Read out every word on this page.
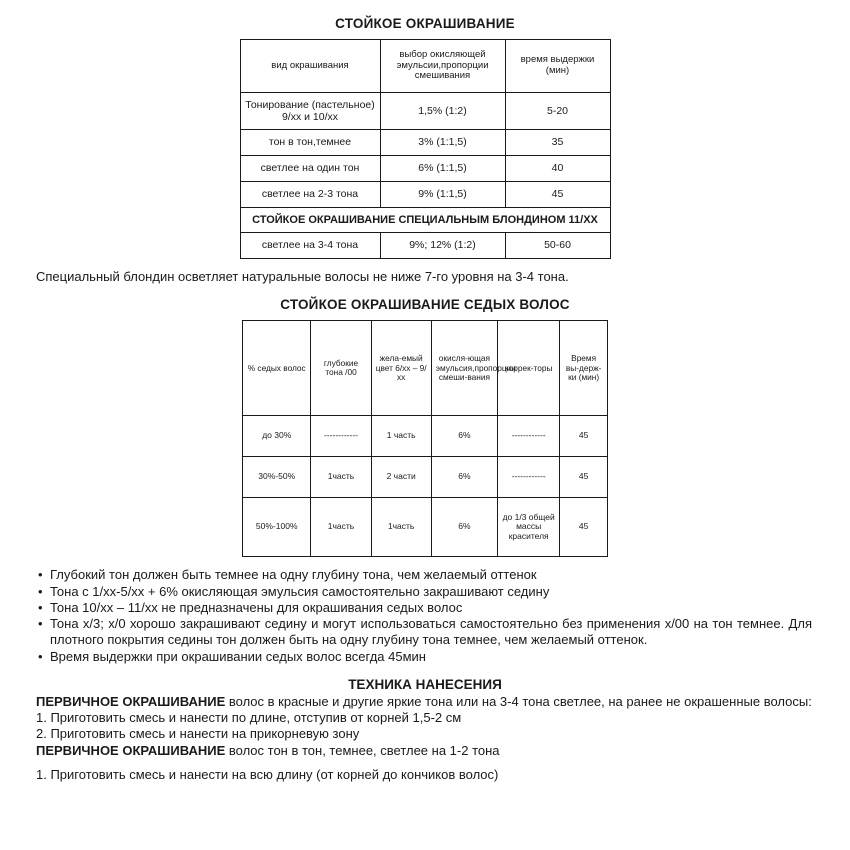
СТОЙКОЕ ОКРАШИВАНИЕ
вид окрашивания	выбор окисляющей эмульсии,пропорции смешивания	время выдержки (мин)
Тонирование (пастельное) 9/хх и 10/хх	1,5% (1:2)	5-20
тон в тон,темнее	3% (1:1,5)	35
светлее на один тон	6% (1:1,5)	40
светлее на 2-3 тона	9% (1:1,5)	45
СТОЙКОЕ ОКРАШИВАНИЕ СПЕЦИАЛЬНЫМ БЛОНДИНОМ 11/ХХ		
светлее на 3-4 тона	9%; 12% (1:2)	50-60
Специальный блондин осветляет натуральные волосы не ниже 7-го уровня на 3-4 тона.
СТОЙКОЕ ОКРАШИВАНИЕ СЕДЫХ ВОЛОС
% седых волос	глубокие тона /00	жела-емый цвет 6/хх – 9/хх	окисля-ющая эмульсия,пропорции смеши-вания	коррек-торы	Время вы-держ-ки (мин)
до 30%	------------	1 часть	6%	------------	45
30%-50%	1часть	2 части	6%	------------	45
50%-100%	1часть	1часть	6%	до 1/3 общей массы красителя	45
• Глубокий тон должен быть темнее на одну глубину тона, чем желаемый оттенок
• Тона с 1/хх-5/хх + 6% окисляющая эмульсия самостоятельно закрашивают седину
• Тона 10/хх – 11/хх не предназначены для окрашивания седых волос
• Тона х/3; х/0 хорошо закрашивают седину и могут использоваться самостоятельно без применения х/00 на тон темнее. Для плотного покрытия седины тон должен быть на одну глубину тона темнее, чем желаемый оттенок.
• Время выдержки при окрашивании седых волос всегда 45мин
ТЕХНИКА НАНЕСЕНИЯ

ПЕРВИЧНОЕ ОКРАШИВАНИЕ волос в красные и другие яркие тона или на 3-4 тона светлее, на ранее не окрашенные волосы:

1. Приготовить смесь и нанести по длине, отступив от корней 1,5-2 см

2. Приготовить смесь и нанести на прикорневую зону

ПЕРВИЧНОЕ ОКРАШИВАНИЕ волос тон в тон, темнее, светлее на 1-2 тона

1. Приготовить смесь и нанести на всю длину (от корней до кончиков волос)
